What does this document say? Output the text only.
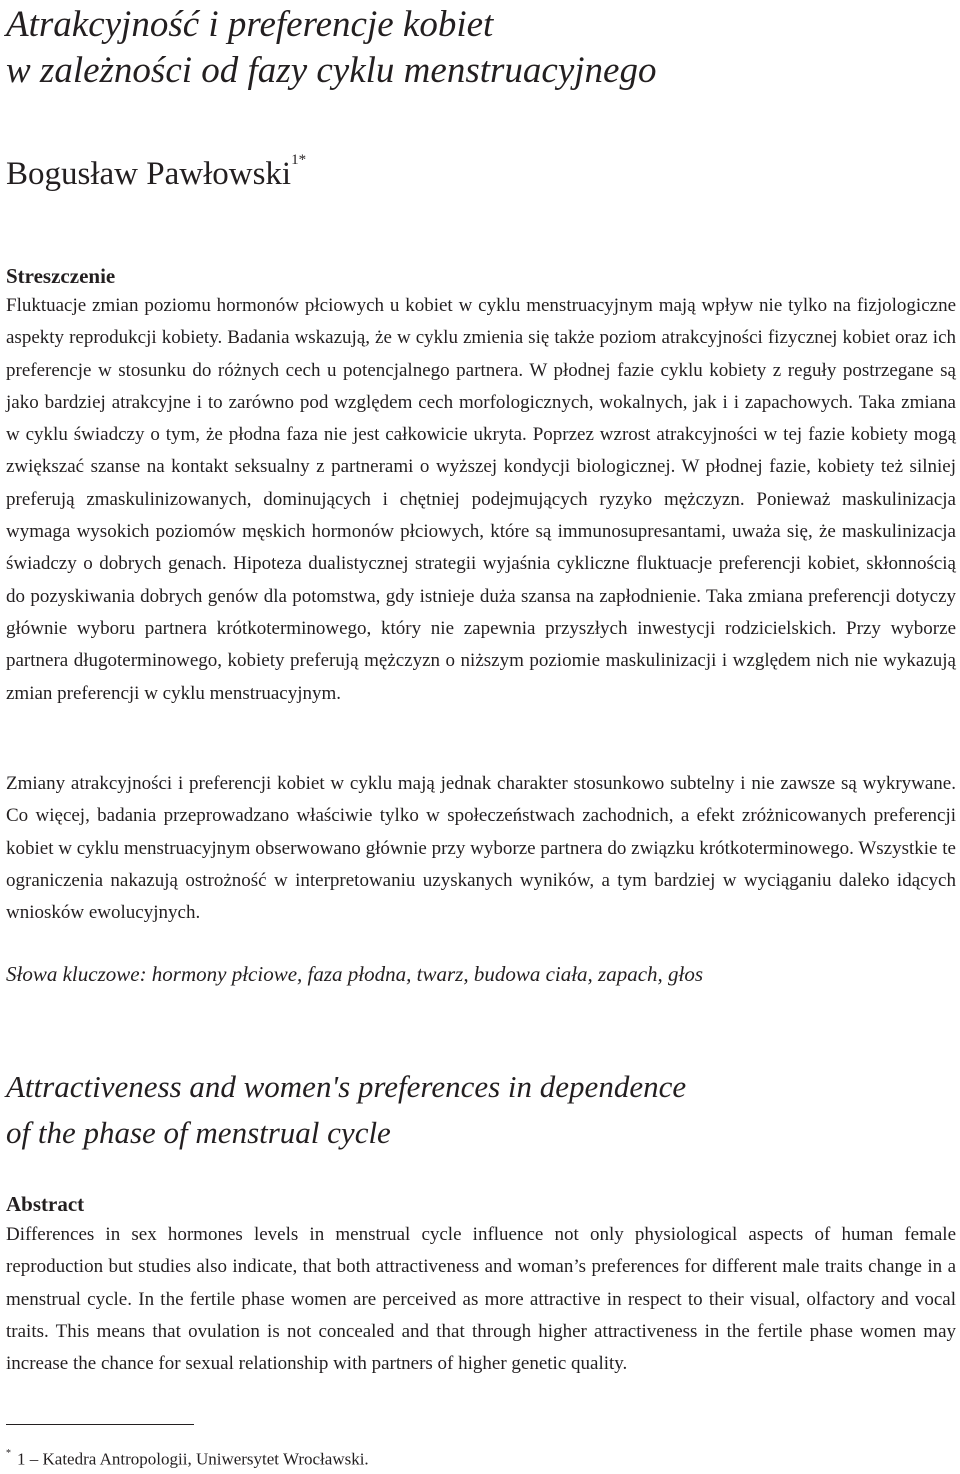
Atrakcyjność i preferencje kobiet
w zależności od fazy cyklu menstruacyjnego
Bogusław Pawłowski$^{1*}$
Streszczenie

Fluktuacje zmian poziomu hormonów płciowych u kobiet w cyklu menstruacyjnym mają wpływ nie tylko na fizjologiczne aspekty reprodukcji kobiety. Badania wskazują, że w cyklu zmienia się także poziom atrakcyjności fizycznej kobiet oraz ich preferencje w stosunku do różnych cech u potencjalnego partnera. W płodnej fazie cyklu kobiety z reguły postrzegane są jako bardziej atrakcyjne i to zarówno pod względem cech morfologicznych, wokalnych, jak i i zapachowych. Taka zmiana w cyklu świadczy o tym, że płodna faza nie jest całkowicie ukryta. Poprzez wzrost atrakcyjności w tej fazie kobiety mogą zwiększać szanse na kontakt seksualny z partnerami o wyższej kondycji biologicznej. W płodnej fazie, kobiety też silniej preferują zmaskulinizowanych, dominujących i chętniej podejmujących ryzyko mężczyzn. Ponieważ maskulinizacja wymaga wysokich poziomów męskich hormonów płciowych, które są immunosupresantami, uważa się, że maskulinizacja świadczy o dobrych genach. Hipoteza dualistycznej strategii wyjaśnia cykliczne fluktuacje preferencji kobiet, skłonnością do pozyskiwania dobrych genów dla potomstwa, gdy istnieje duża szansa na zapłodnienie. Taka zmiana preferencji dotyczy głównie wyboru partnera krótkoterminowego, który nie zapewnia przyszłych inwestycji rodzicielskich. Przy wyborze partnera długoterminowego, kobiety preferują mężczyzn o niższym poziomie maskulinizacji i względem nich nie wykazują zmian preferencji w cyklu menstruacyjnym.

Zmiany atrakcyjności i preferencji kobiet w cyklu mają jednak charakter stosunkowo subtelny i nie zawsze są wykrywane. Co więcej, badania przeprowadzano właściwie tylko w społeczeństwach zachodnich, a efekt zróżnicowanych preferencji kobiet w cyklu menstruacyjnym obserwowano głównie przy wyborze partnera do związku krótkoterminowego. Wszystkie te ograniczenia nakazują ostrożność w interpretowaniu uzyskanych wyników, a tym bardziej w wyciąganiu daleko idących wniosków ewolucyjnych.

Słowa kluczowe: hormony płciowe, faza płodna, twarz, budowa ciała, zapach, głos

Attractiveness and women's preferences in dependence
of the phase of menstrual cycle
Abstract

Differences in sex hormones levels in menstrual cycle influence not only physiological aspects of human female reproduction but studies also indicate, that both attractiveness and woman’s preferences for different male traits change in a menstrual cycle. In the fertile phase women are perceived as more attractive in respect to their visual, olfactory and vocal traits. This means that ovulation is not concealed and that through higher attractiveness in the fertile phase women may increase the chance for sexual relationship with partners of higher genetic quality.

* 1 – Katedra Antropologii, Uniwersytet Wrocławski.
